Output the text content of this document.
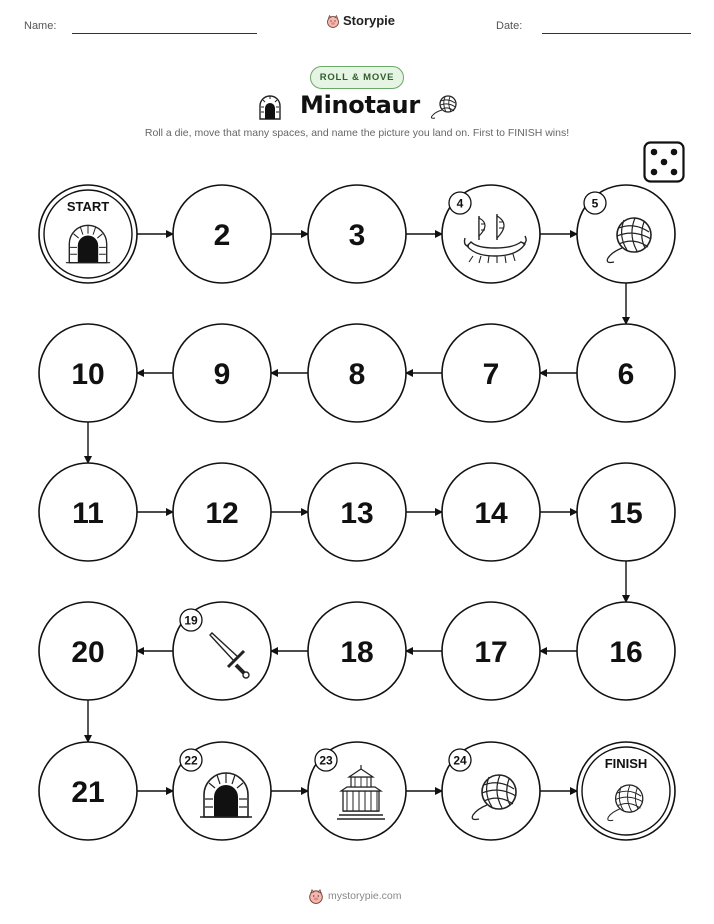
Name:	Storypie	Date:
ROLL & MOVE
Minotaur
Roll a die, move that many spaces, and name the picture you land on. First to FINISH wins!
START
2	3
4	5
6
7
8
9
10
11	12	13	14	15
16
17
18
19
20
21
22	23	24	FINISH
mystorypie.com
